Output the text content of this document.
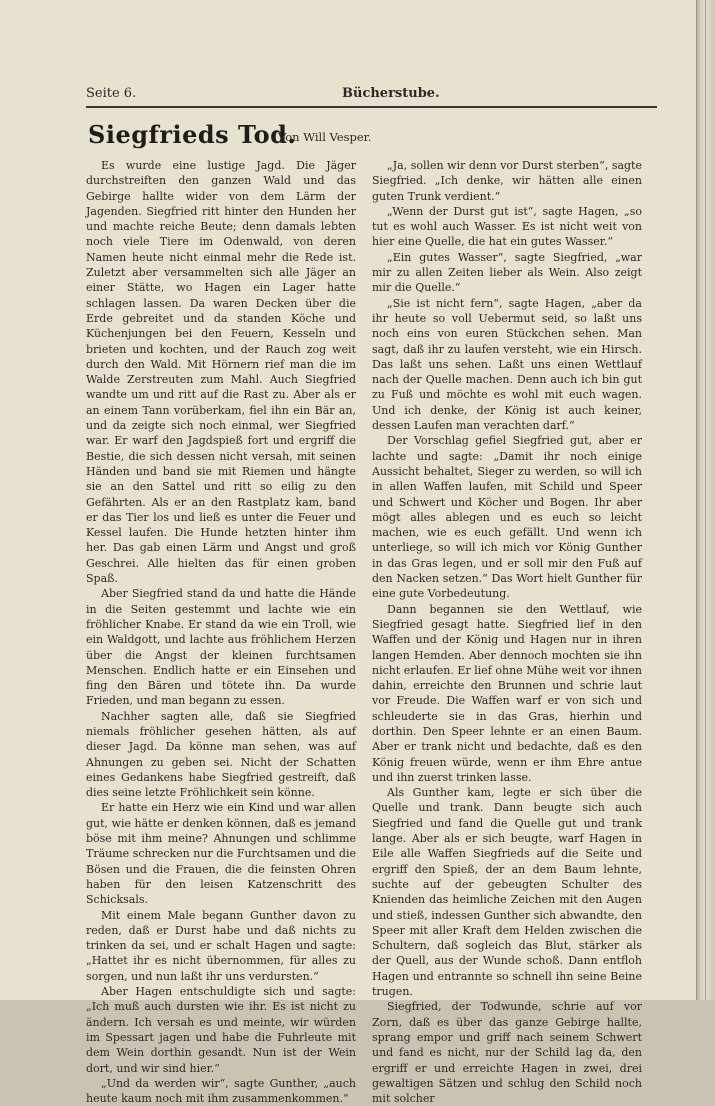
Seite 6.	Bücherstube.
Siegfrieds Tod.
Von Will Vesper.

Es wurde eine lustige Jagd. Die Jäger durchstreiften den ganzen Wald und das Gebirge hallte wider von dem Lärm der Jagenden. Siegfried ritt hinter den Hunden her und machte reiche Beute; denn damals lebten noch viele Tiere im Odenwald, von deren Namen heute nicht einmal mehr die Rede ist. Zuletzt aber versammelten sich alle Jäger an einer Stätte, wo Hagen ein Lager hatte schlagen lassen. Da waren Decken über die Erde gebreitet und da standen Köche und Küchenjungen bei den Feuern, Kesseln und brieten und kochten, und der Rauch zog weit durch den Wald. Mit Hörnern rief man die im Walde Zerstreuten zum Mahl. Auch Siegfried wandte um und ritt auf die Rast zu. Aber als er an einem Tann vorüberkam, fiel ihn ein Bär an, und da zeigte sich noch einmal, wer Siegfried war. Er warf den Jagdspieß fort und ergriff die Bestie, die sich dessen nicht versah, mit seinen Händen und band sie mit Riemen und hängte sie an den Sattel und ritt so eilig zu den Gefährten. Als er an den Rastplatz kam, band er das Tier los und ließ es unter die Feuer und Kessel laufen. Die Hunde hetzten hinter ihm her. Das gab einen Lärm und Angst und groß Geschrei. Alle hielten das für einen groben Spaß.

Aber Siegfried stand da und hatte die Hände in die Seiten gestemmt und lachte wie ein fröhlicher Knabe. Er stand da wie ein Troll, wie ein Waldgott, und lachte aus fröhlichem Herzen über die Angst der kleinen furchtsamen Menschen. Endlich hatte er ein Einsehen und fing den Bären und tötete ihn. Da wurde Frieden, und man begann zu essen.

Nachher sagten alle, daß sie Siegfried niemals fröhlicher gesehen hätten, als auf dieser Jagd. Da könne man sehen, was auf Ahnungen zu geben sei. Nicht der Schatten eines Gedankens habe Siegfried gestreift, daß dies seine letzte Fröhlichkeit sein könne.

Er hatte ein Herz wie ein Kind und war allen gut, wie hätte er denken können, daß es jemand böse mit ihm meine? Ahnungen und schlimme Träume schrecken nur die Furchtsamen und die Bösen und die Frauen, die die feinsten Ohren haben für den leisen Katzenschritt des Schicksals.

Mit einem Male begann Gunther davon zu reden, daß er Durst habe und daß nichts zu trinken da sei, und er schalt Hagen und sagte: „Hattet ihr es nicht übernommen, für alles zu sorgen, und nun laßt ihr uns verdursten.“

Aber Hagen entschuldigte sich und sagte: „Ich muß auch dursten wie ihr. Es ist nicht zu ändern. Ich versah es und meinte, wir würden im Spessart jagen und habe die Fuhrleute mit dem Wein dorthin gesandt. Nun ist der Wein dort, und wir sind hier.“

„Und da werden wir“, sagte Gunther, „auch heute kaum noch mit ihm zusammenkommen.“

„Ja, sollen wir denn vor Durst sterben“, sagte Siegfried. „Ich denke, wir hätten alle einen guten Trunk verdient.“

„Wenn der Durst gut ist“, sagte Hagen, „so tut es wohl auch Wasser. Es ist nicht weit von hier eine Quelle, die hat ein gutes Wasser.“

„Ein gutes Wasser“, sagte Siegfried, „war mir zu allen Zeiten lieber als Wein. Also zeigt mir die Quelle.“

„Sie ist nicht fern“, sagte Hagen, „aber da ihr heute so voll Uebermut seid, so laßt uns noch eins von euren Stückchen sehen. Man sagt, daß ihr zu laufen versteht, wie ein Hirsch. Das laßt uns sehen. Laßt uns einen Wettlauf nach der Quelle machen. Denn auch ich bin gut zu Fuß und möchte es wohl mit euch wagen. Und ich denke, der König ist auch keiner, dessen Laufen man verachten darf.“

Der Vorschlag gefiel Siegfried gut, aber er lachte und sagte: „Damit ihr noch einige Aussicht behaltet, Sieger zu werden, so will ich in allen Waffen laufen, mit Schild und Speer und Schwert und Köcher und Bogen. Ihr aber mögt alles ablegen und es euch so leicht machen, wie es euch gefällt. Und wenn ich unterliege, so will ich mich vor König Gunther in das Gras legen, und er soll mir den Fuß auf den Nacken setzen.“ Das Wort hielt Gunther für eine gute Vorbedeutung.

Dann begannen sie den Wettlauf, wie Siegfried gesagt hatte. Siegfried lief in den Waffen und der König und Hagen nur in ihren langen Hemden. Aber dennoch mochten sie ihn nicht erlaufen. Er lief ohne Mühe weit vor ihnen dahin, erreichte den Brunnen und schrie laut vor Freude. Die Waffen warf er von sich und schleuderte sie in das Gras, hierhin und dorthin. Den Speer lehnte er an einen Baum. Aber er trank nicht und bedachte, daß es den König freuen würde, wenn er ihm Ehre antue und ihn zuerst trinken lasse.

Als Gunther kam, legte er sich über die Quelle und trank. Dann beugte sich auch Siegfried und fand die Quelle gut und trank lange. Aber als er sich beugte, warf Hagen in Eile alle Waffen Siegfrieds auf die Seite und ergriff den Spieß, der an dem Baum lehnte, suchte auf der gebeugten Schulter des Knienden das heimliche Zeichen mit den Augen und stieß, indessen Gunther sich abwandte, den Speer mit aller Kraft dem Helden zwischen die Schultern, daß sogleich das Blut, stärker als der Quell, aus der Wunde schoß. Dann entfloh Hagen und entrannte so schnell ihn seine Beine trugen.

Siegfried, der Todwunde, schrie auf vor Zorn, daß es über das ganze Gebirge hallte, sprang empor und griff nach seinem Schwert und fand es nicht, nur der Schild lag da, den ergriff er und erreichte Hagen in zwei, drei gewaltigen Sätzen und schlug den Schild noch mit solcher
